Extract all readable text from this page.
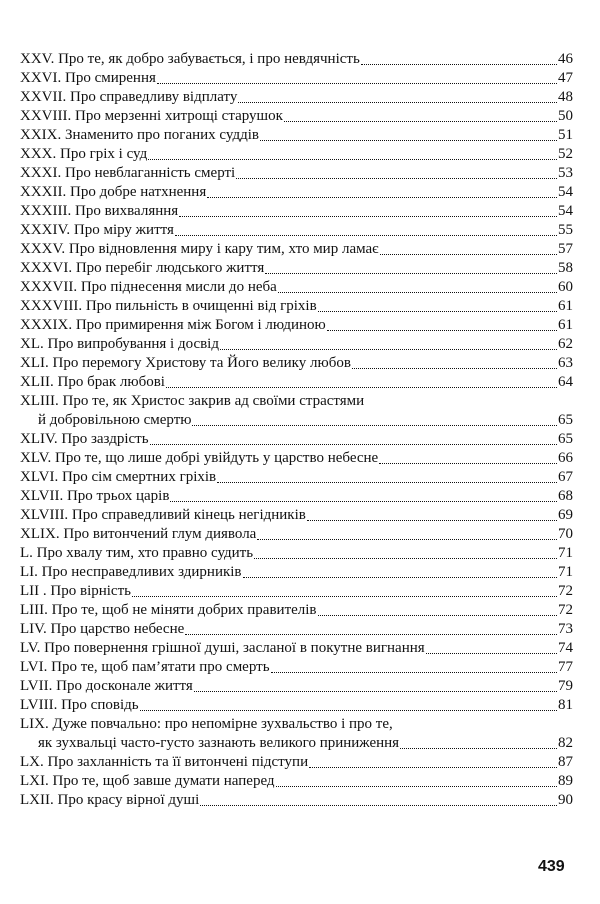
XXV. Про те, як добро забувається, і про невдячність	46
XXVI. Про смирення	47
XXVII. Про справедливу відплату	48
XXVIII. Про мерзенні хитрощі старушок	50
XXIX. Знаменито про поганих суддів	51
XXX. Про гріх і суд	52
XXXI. Про невблаганність смерті	53
XXXII. Про добре натхнення	54
XXXIII. Про вихваляння	54
XXXIV. Про міру життя	55
XXXV. Про відновлення миру і кару тим, хто мир ламає	57
XXXVI. Про перебіг людського життя	58
XXXVII. Про піднесення мисли до неба	60
XXXVIII. Про пильність в очищенні від гріхів	61
XXXIX. Про примирення між Богом і людиною	61
XL. Про випробування і досвід	62
XLI. Про перемогу Христову та Його велику любов	63
XLII. Про брак любові	64
XLIII. Про те, як Христос закрив ад своїми страстями
й добровільною смертю	65
XLIV. Про заздрість	65
XLV. Про те, що лише добрі увійдуть у царство небесне	66
XLVI. Про сім смертних гріхів	67
XLVII. Про трьох царів	68
XLVIII. Про справедливий кінець негідників	69
XLIX. Про витончений глум диявола	70
L. Про хвалу тим, хто правно судить	71
LI. Про несправедливих здирників	71
LII . Про вірність	72
LIII. Про те, щоб не міняти добрих правителів	72
LIV. Про царство небесне	73
LV. Про повернення грішної душі, засланої в покутне вигнання	74
LVI. Про те, щоб пам’ятати про смерть	77
LVII. Про досконале життя	79
LVIII. Про сповідь	81
LIX. Дуже повчально: про непомірне зухвальство і про те,
як зухвальці часто-густо зазнають великого приниження	82
LX. Про захланність та її витончені підступи	87
LXI. Про те, щоб завше думати наперед	89
LXII. Про красу вірної душі	90
439
